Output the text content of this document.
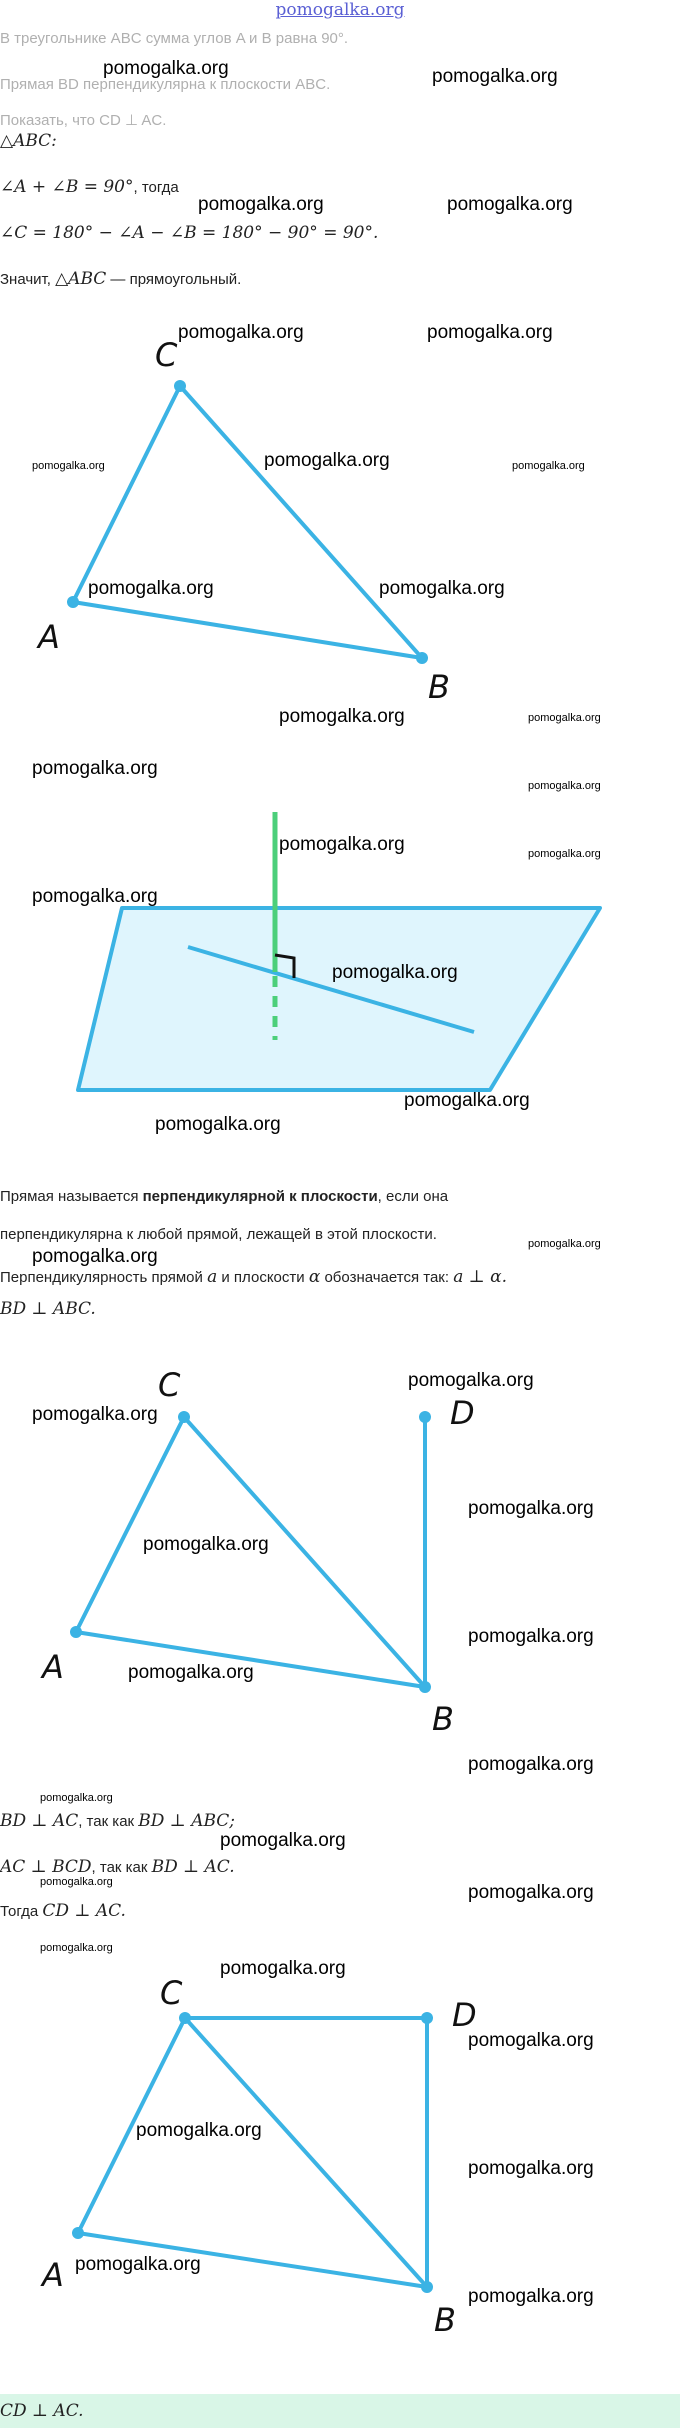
pomogalka.org
В треугольнике ABC сумма углов A и B равна 90°.
Прямая BD перпендикулярна к плоскости ABC.
Показать, что CD ⊥ AC.
△ABC:
∠A + ∠B = 90°, тогда
∠C = 180° − ∠A − ∠B = 180° − 90° = 90°.
Значит, △ABC — прямоугольный.
C
A
B
Прямая называется перпендикулярной к плоскости, если она
перпендикулярна к любой прямой, лежащей в этой плоскости.
Перпендикулярность прямой a и плоскости α обозначается так: a ⊥ α.
BD ⊥ ABC.
C
A
B
D
BD ⊥ AC, так как BD ⊥ ABC;
AC ⊥ BCD, так как BD ⊥ AC.
Тогда CD ⊥ AC.
C
A
B
D
CD ⊥ AC.
pomogalka.org	pomogalka.org
pomogalka.org	pomogalka.org
pomogalka.org	pomogalka.org
pomogalka.org	pomogalka.org	pomogalka.org
pomogalka.org	pomogalka.org
pomogalka.org	pomogalka.org
pomogalka.org
pomogalka.org
pomogalka.org	pomogalka.org
pomogalka.org
pomogalka.org
pomogalka.org
pomogalka.org
pomogalka.org
pomogalka.org
pomogalka.org
pomogalka.org
pomogalka.org
pomogalka.org
pomogalka.org
pomogalka.org
pomogalka.org
pomogalka.org
pomogalka.org
pomogalka.org	pomogalka.org
pomogalka.org
pomogalka.org
pomogalka.org
pomogalka.org
pomogalka.org
pomogalka.org
pomogalka.org
